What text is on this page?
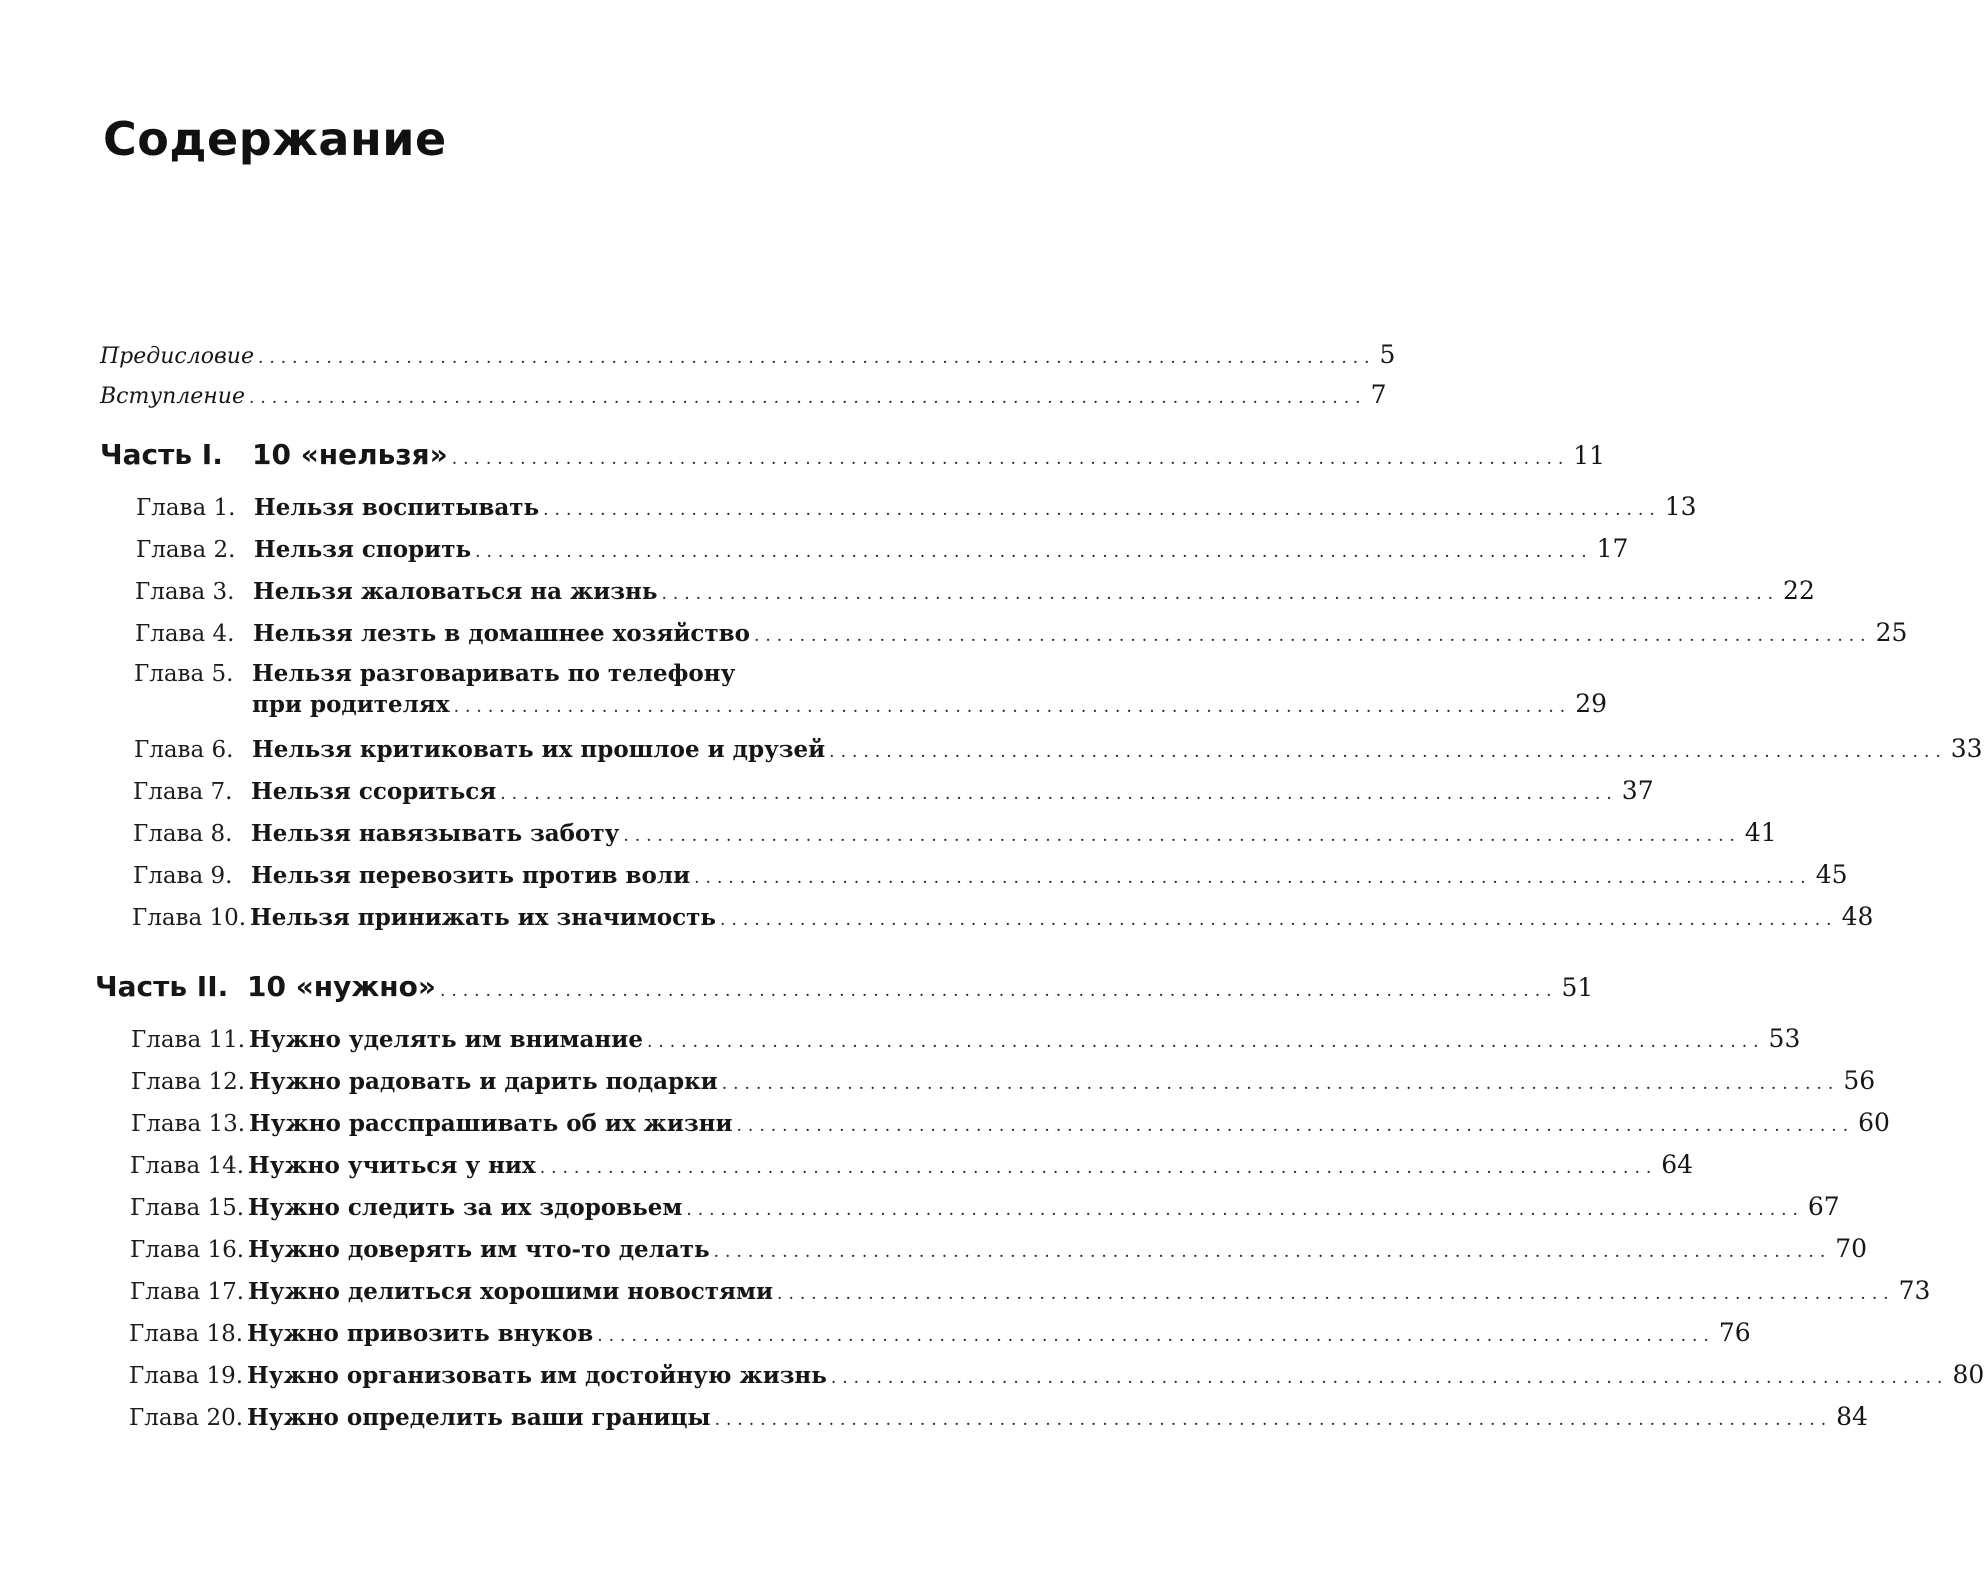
Содержание
Предисловие .................................................................................................. 5
Вступление .................................................................................................. 7
Часть I.	10 «нельзя» .................................................................................................. 11
Глава 1. Нельзя воспитывать .................................................................................................. 13
Глава 2. Нельзя спорить .................................................................................................. 17
Глава 3. Нельзя жаловаться на жизнь .................................................................................................. 22
Глава 4. Нельзя лезть в домашнее хозяйство .................................................................................................. 25
Глава 5. Нельзя разговаривать по телефону
при родителях .................................................................................................. 29
Глава 6. Нельзя критиковать их прошлое и друзей .................................................................................................. 33
Глава 7. Нельзя ссориться .................................................................................................. 37
Глава 8. Нельзя навязывать заботу .................................................................................................. 41
Глава 9. Нельзя перевозить против воли .................................................................................................. 45
Глава 10. Нельзя принижать их значимость .................................................................................................. 48
Часть II. 10 «нужно» .................................................................................................. 51
Глава 11. Нужно уделять им внимание .................................................................................................. 53
Глава 12. Нужно радовать и дарить подарки .................................................................................................. 56
Глава 13. Нужно расспрашивать об их жизни .................................................................................................. 60
Глава 14. Нужно учиться у них .................................................................................................. 64
Глава 15. Нужно следить за их здоровьем .................................................................................................. 67
Глава 16. Нужно доверять им что-то делать .................................................................................................. 70
Глава 17. Нужно делиться хорошими новостями .................................................................................................. 73
Глава 18. Нужно привозить внуков .................................................................................................. 76
Глава 19. Нужно организовать им достойную жизнь .................................................................................................. 80
Глава 20. Нужно определить ваши границы .................................................................................................. 84
